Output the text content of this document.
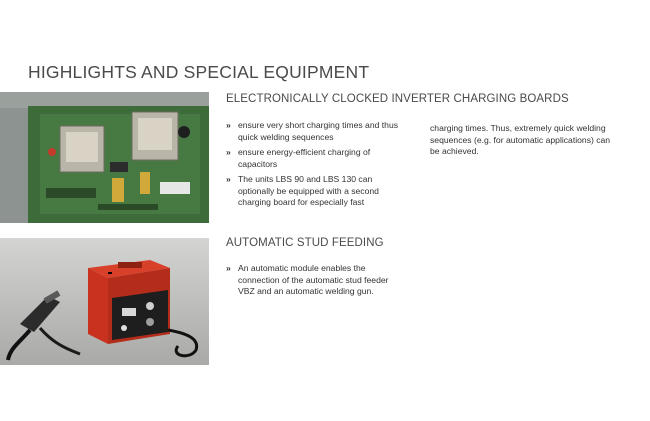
HIGHLIGHTS AND SPECIAL EQUIPMENT
ELECTRONICALLY CLOCKED INVERTER CHARGING BOARDS
» ensure very short charging times and thus quick welding sequences
» ensure energy-efficient charging of capacitors
» The units LBS 90 and LBS 130 can optionally be equipped with a second charging board for especially fast
charging times. Thus, extremely quick welding sequences (e.g. for automatic applications) can be achieved.
AUTOMATIC STUD FEEDING
» An automatic module enables the connection of the automatic stud feeder VBZ and an automatic welding gun.
